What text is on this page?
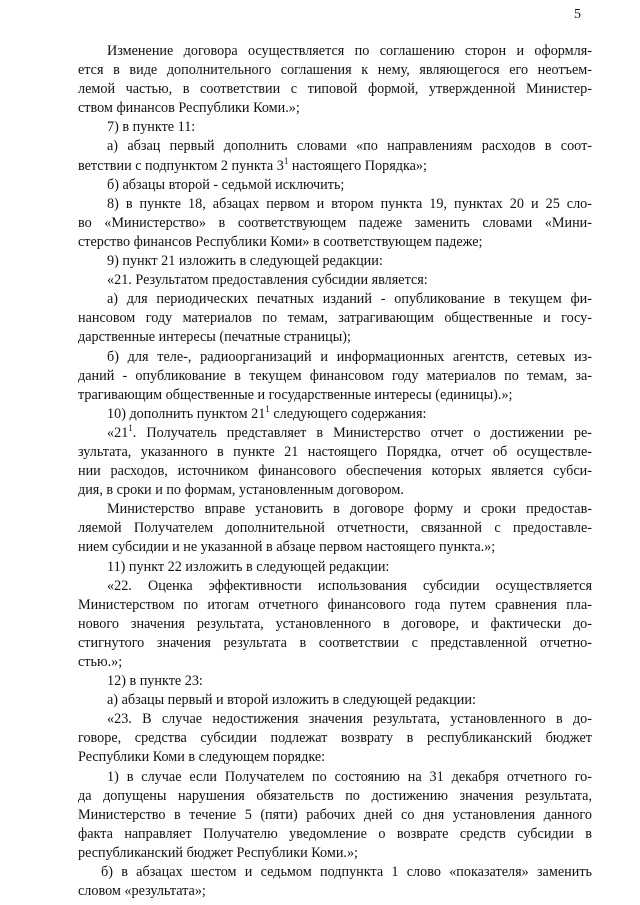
5
Изменение договора осуществляется по соглашению сторон и оформля-
ется в виде дополнительного соглашения к нему, являющегося его неотъем-
лемой частью, в соответствии с типовой формой, утвержденной Министер-
ством финансов Республики Коми.»;
7) в пункте 11:
а) абзац первый дополнить словами «по направлениям расходов в соот-
ветствии с подпунктом 2 пункта $3^1$ настоящего Порядка»;
б) абзацы второй - седьмой исключить;
8) в пункте 18, абзацах первом и втором пункта 19, пунктах 20 и 25 сло-
во «Министерство» в соответствующем падеже заменить словами «Мини-
стерство финансов Республики Коми» в соответствующем падеже;
9) пункт 21 изложить в следующей редакции:
«21. Результатом предоставления субсидии является:
а) для периодических печатных изданий - опубликование в текущем фи-
нансовом году материалов по темам, затрагивающим общественные и госу-
дарственные интересы (печатные страницы);
б) для теле-, радиоорганизаций и информационных агентств, сетевых из-
даний - опубликование в текущем финансовом году материалов по темам, за-
трагивающим общественные и государственные интересы (единицы).»;
10) дополнить пунктом $21^1$ следующего содержания:
«$21^1$. Получатель представляет в Министерство отчет о достижении ре-
зультата, указанного в пункте 21 настоящего Порядка, отчет об осуществле-
нии расходов, источником финансового обеспечения которых является субси-
дия, в сроки и по формам, установленным договором.
Министерство вправе установить в договоре форму и сроки предостав-
ляемой Получателем дополнительной отчетности, связанной с предоставле-
нием субсидии и не указанной в абзаце первом настоящего пункта.»;
11) пункт 22 изложить в следующей редакции:
«22. Оценка эффективности использования субсидии осуществляется
Министерством по итогам отчетного финансового года путем сравнения пла-
нового значения результата, установленного в договоре, и фактически до-
стигнутого значения результата в соответствии с представленной отчетно-
стью.»;
12) в пункте 23:
а) абзацы первый и второй изложить в следующей редакции:
«23. В случае недостижения значения результата, установленного в до-
говоре, средства субсидии подлежат возврату в республиканский бюджет
Республики Коми в следующем порядке:
1) в случае если Получателем по состоянию на 31 декабря отчетного го-
да допущены нарушения обязательств по достижению значения результата,
Министерство в течение 5 (пяти) рабочих дней со дня установления данного
факта направляет Получателю уведомление о возврате средств субсидии в
республиканский бюджет Республики Коми.»;
б) в абзацах шестом и седьмом подпункта 1 слово «показателя» заменить
словом «результата»;
